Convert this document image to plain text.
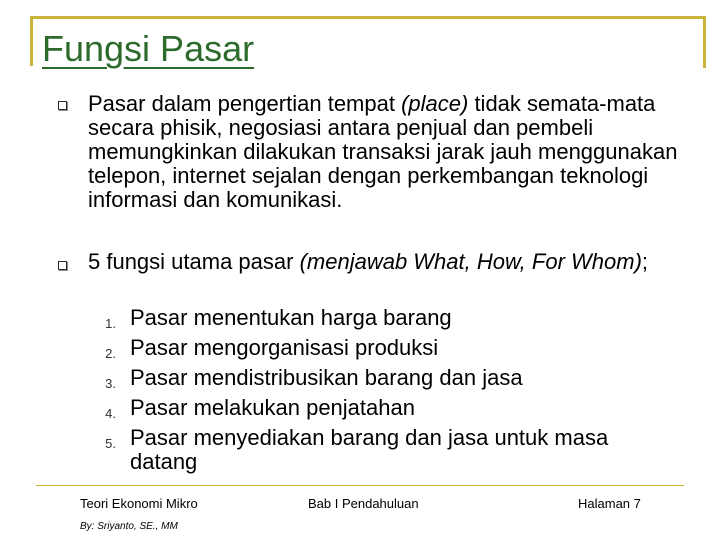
Fungsi Pasar
Pasar dalam pengertian tempat (place) tidak semata-mata secara phisik, negosiasi antara penjual dan pembeli memungkinkan dilakukan transaksi jarak jauh menggunakan telepon, internet sejalan dengan perkembangan teknologi informasi dan komunikasi.
5 fungsi utama pasar (menjawab What, How, For Whom);
1. Pasar menentukan harga barang
2. Pasar mengorganisasi produksi
3. Pasar mendistribusikan barang dan jasa
4. Pasar melakukan penjatahan
5. Pasar menyediakan barang dan jasa untuk masa datang
Teori Ekonomi Mikro	Bab I Pendahuluan	Halaman 7
By: Sriyanto, SE., MM
